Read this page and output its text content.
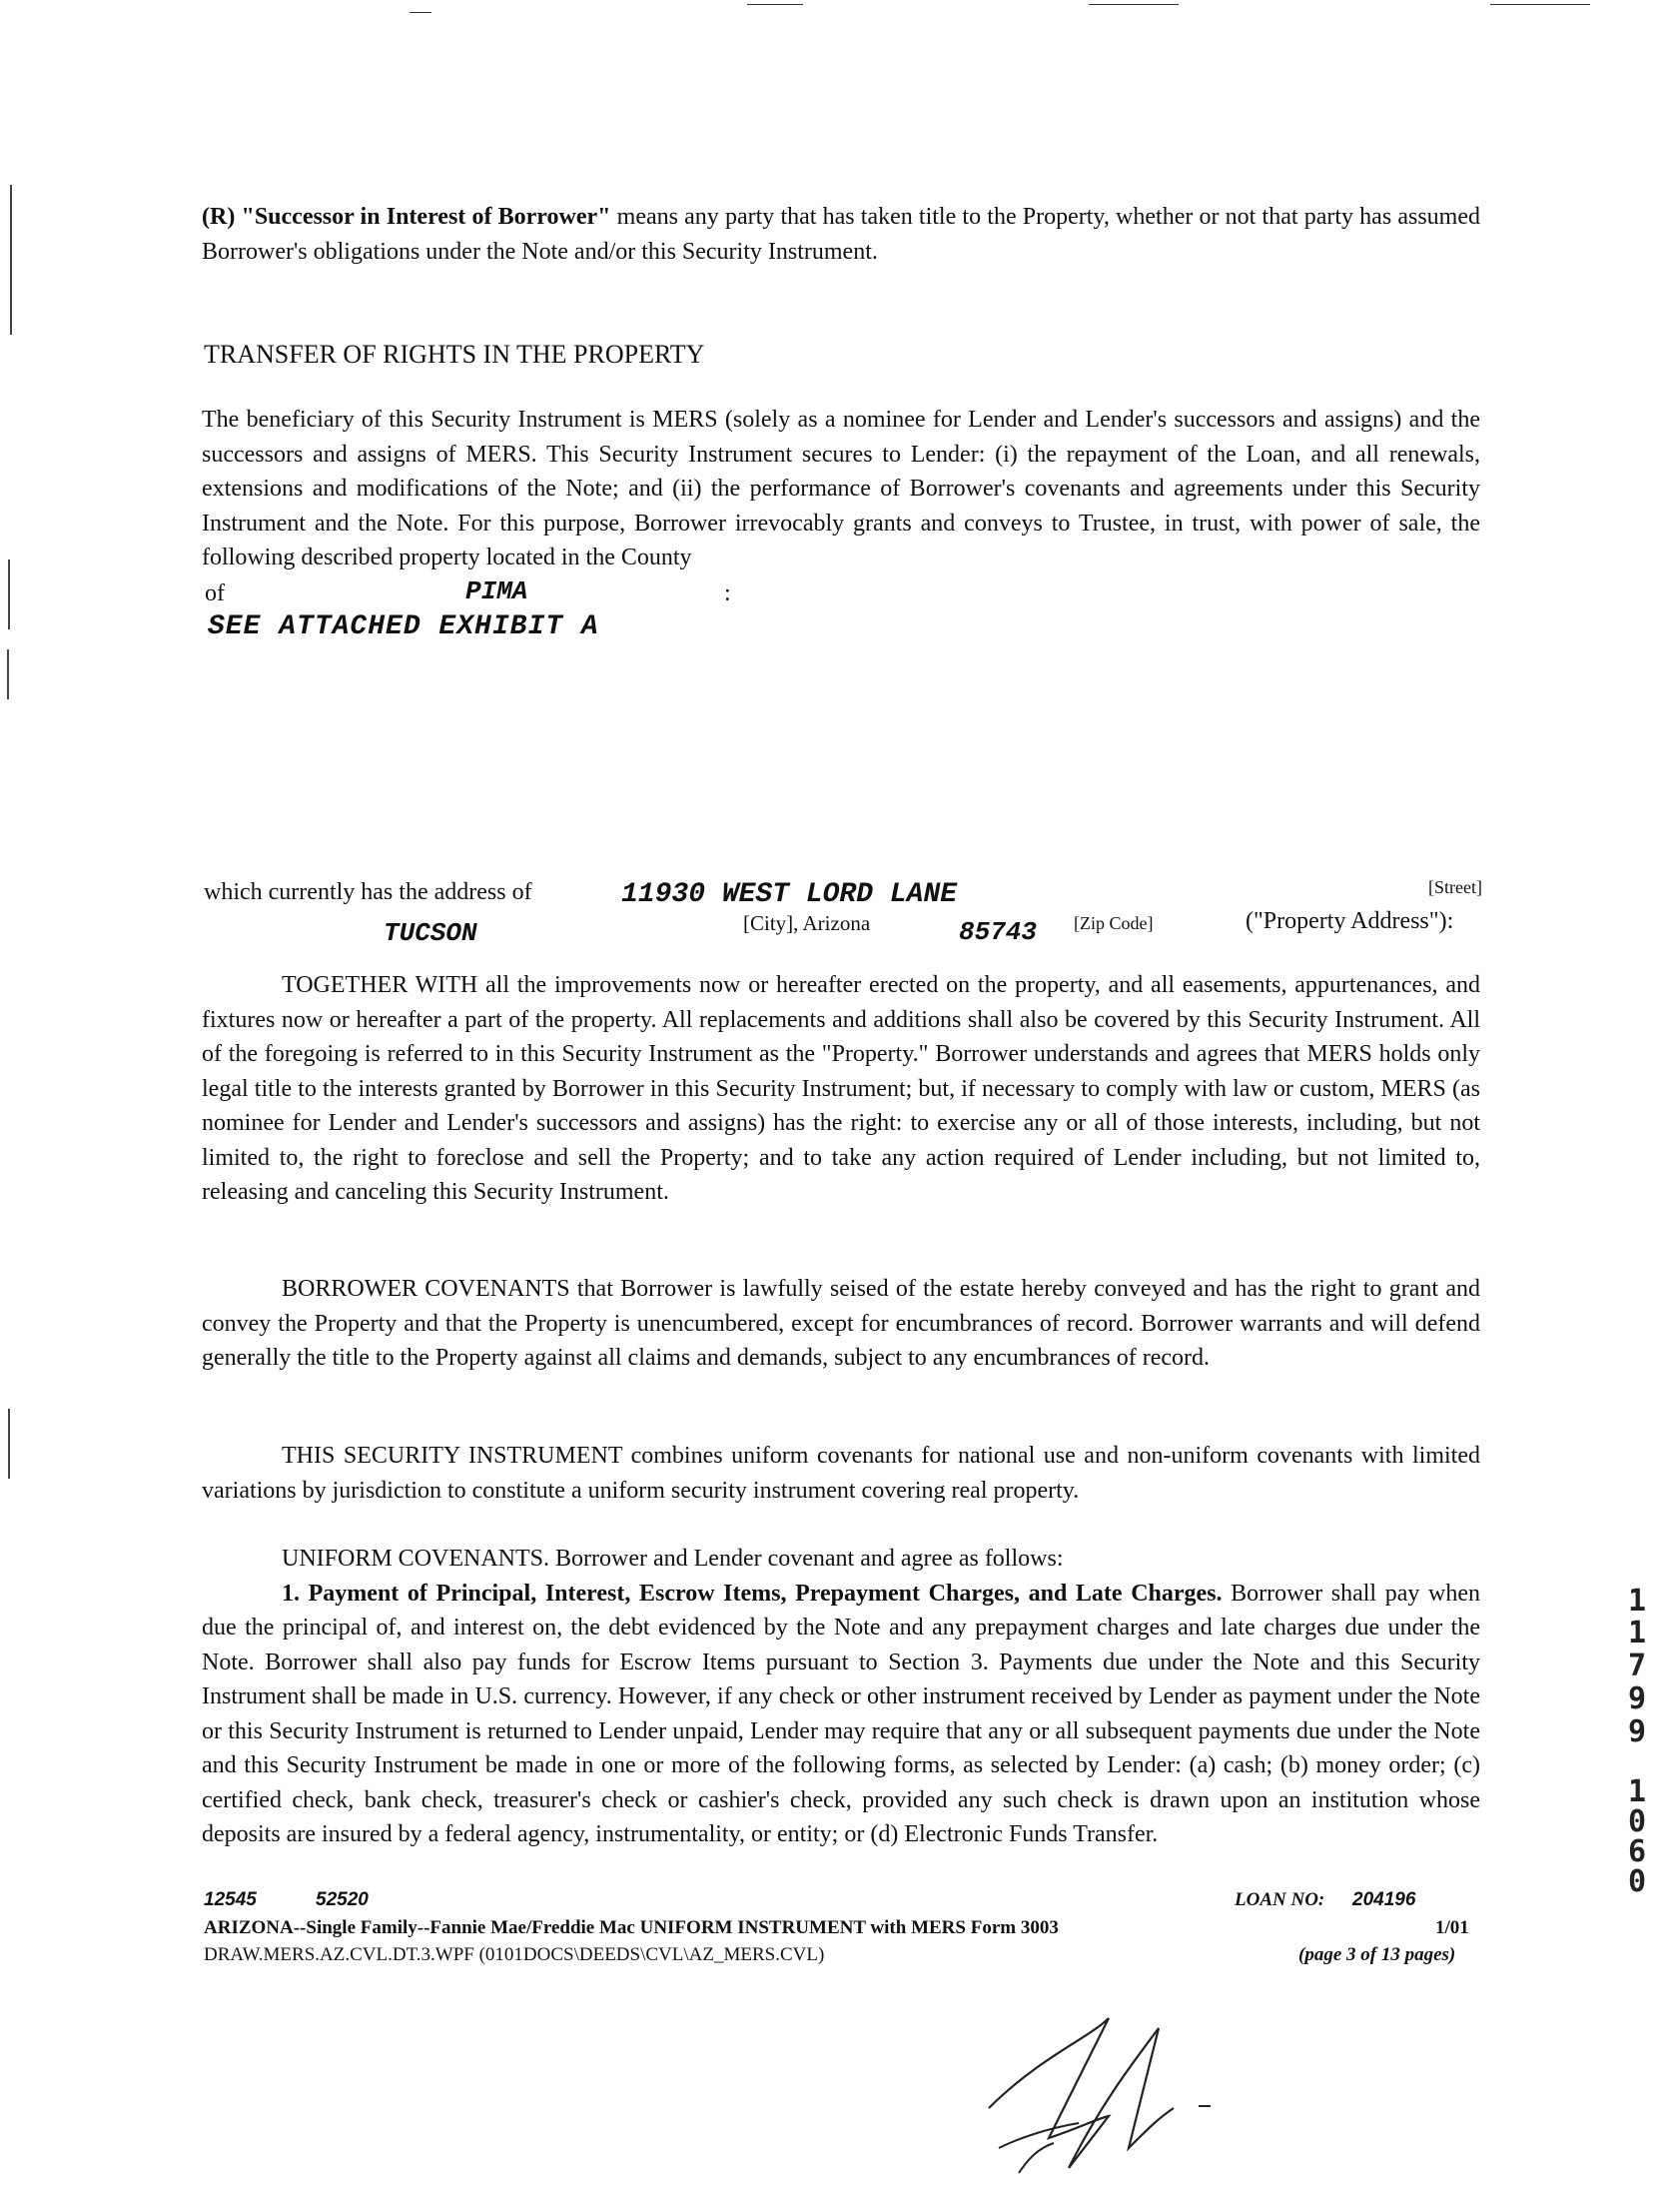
(R) "Successor in Interest of Borrower" means any party that has taken title to the Property, whether or not that party has assumed Borrower's obligations under the Note and/or this Security Instrument.
TRANSFER OF RIGHTS IN THE PROPERTY
The beneficiary of this Security Instrument is MERS (solely as a nominee for Lender and Lender's successors and assigns) and the successors and assigns of MERS. This Security Instrument secures to Lender: (i) the repayment of the Loan, and all renewals, extensions and modifications of the Note; and (ii) the performance of Borrower's covenants and agreements under this Security Instrument and the Note. For this purpose, Borrower irrevocably grants and conveys to Trustee, in trust, with power of sale, the following described property located in the County
of	PIMA	:
SEE ATTACHED EXHIBIT A
which currently has the address of	11930 WEST LORD LANE	[Street]
TUCSON	[City], Arizona	85743 [Zip Code]	("Property Address"):

TOGETHER WITH all the improvements now or hereafter erected on the property, and all easements, appurtenances, and fixtures now or hereafter a part of the property. All replacements and additions shall also be covered by this Security Instrument. All of the foregoing is referred to in this Security Instrument as the "Property." Borrower understands and agrees that MERS holds only legal title to the interests granted by Borrower in this Security Instrument; but, if necessary to comply with law or custom, MERS (as nominee for Lender and Lender's successors and assigns) has the right: to exercise any or all of those interests, including, but not limited to, the right to foreclose and sell the Property; and to take any action required of Lender including, but not limited to, releasing and canceling this Security Instrument.

BORROWER COVENANTS that Borrower is lawfully seised of the estate hereby conveyed and has the right to grant and convey the Property and that the Property is unencumbered, except for encumbrances of record. Borrower warrants and will defend generally the title to the Property against all claims and demands, subject to any encumbrances of record.

THIS SECURITY INSTRUMENT combines uniform covenants for national use and non-uniform covenants with limited variations by jurisdiction to constitute a uniform security instrument covering real property.

UNIFORM COVENANTS. Borrower and Lender covenant and agree as follows:

1. Payment of Principal, Interest, Escrow Items, Prepayment Charges, and Late Charges. Borrower shall pay when due the principal of, and interest on, the debt evidenced by the Note and any prepayment charges and late charges due under the Note. Borrower shall also pay funds for Escrow Items pursuant to Section 3. Payments due under the Note and this Security Instrument shall be made in U.S. currency. However, if any check or other instrument received by Lender as payment under the Note or this Security Instrument is returned to Lender unpaid, Lender may require that any or all subsequent payments due under the Note and this Security Instrument be made in one or more of the following forms, as selected by Lender: (a) cash; (b) money order; (c) certified check, bank check, treasurer's check or cashier's check, provided any such check is drawn upon an institution whose deposits are insured by a federal agency, instrumentality, or entity; or (d) Electronic Funds Transfer.

12545	52520	LOAN NO: 204196
ARIZONA--Single Family--Fannie Mae/Freddie Mac UNIFORM INSTRUMENT with MERS Form 3003	1/01
DRAW.MERS.AZ.CVL.DT.3.WPF (0101DOCS\DEEDS\CVL\AZ_MERS.CVL)	(page 3 of 13 pages)
1
1
7
9
9
1
0
6
0
